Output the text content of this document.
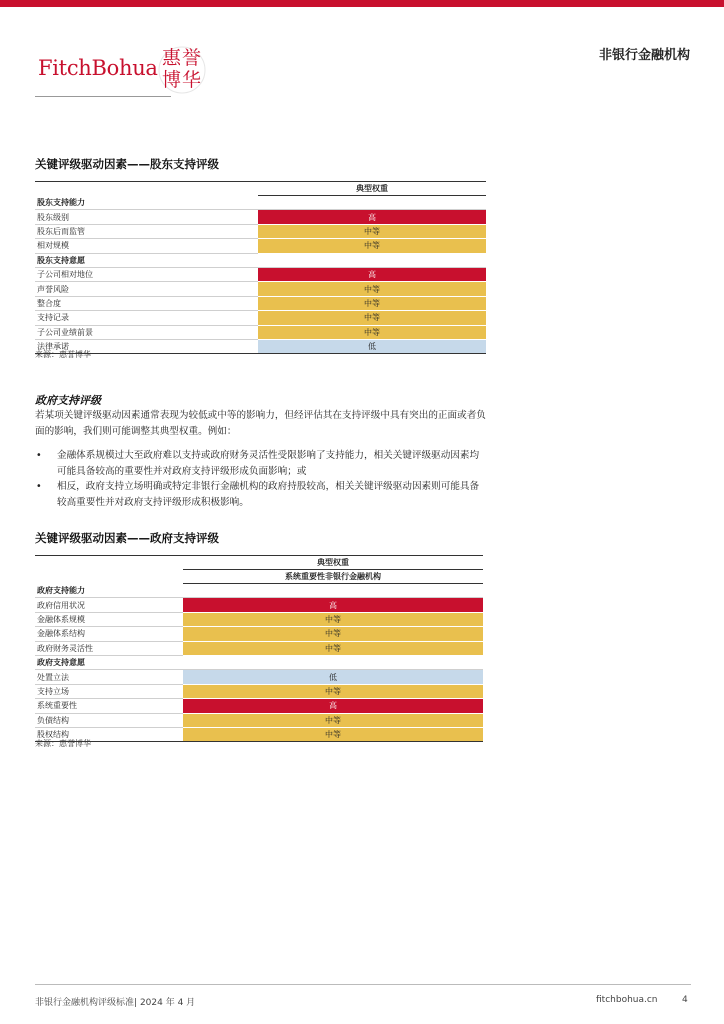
FitchBohua 惠 誉
博 华
非银行金融机构
关键评级驱动因素——股东支持评级
	典型权重
股东支持能力	
股东级别	高
股东后而监管	中等
相对规模	中等
股东支持意愿	
子公司相对地位	高
声誉风险	中等
整合度	中等
支持记录	中等
子公司业绩前景	中等
法律承诺	低
来源：惠誉博华
政府支持评级
若某项关键评级驱动因素通常表现为较低或中等的影响力，但经评估其在支持评级中具有突出的正面或者负面的影响，我们则可能调整其典型权重。例如：
• 金融体系规模过大至政府难以支持或政府财务灵活性受限影响了支持能力，相关关键评级驱动因素均可能具备较高的重要性并对政府支持评级形成负面影响；或
• 相反，政府支持立场明确或特定非银行金融机构的政府持股较高，相关关键评级驱动因素则可能具备较高重要性并对政府支持评级形成积极影响。
关键评级驱动因素——政府支持评级
	典型权重
	系统重要性非银行金融机构
政府支持能力	
政府信用状况	高
金融体系规模	中等
金融体系结构	中等
政府财务灵活性	中等
政府支持意愿	
处置立法	低
支持立场	中等
系统重要性	高
负债结构	中等
股权结构	中等
来源：惠誉博华
非银行金融机构评级标准| 2024 年 4 月	fitchbohua.cn	4
